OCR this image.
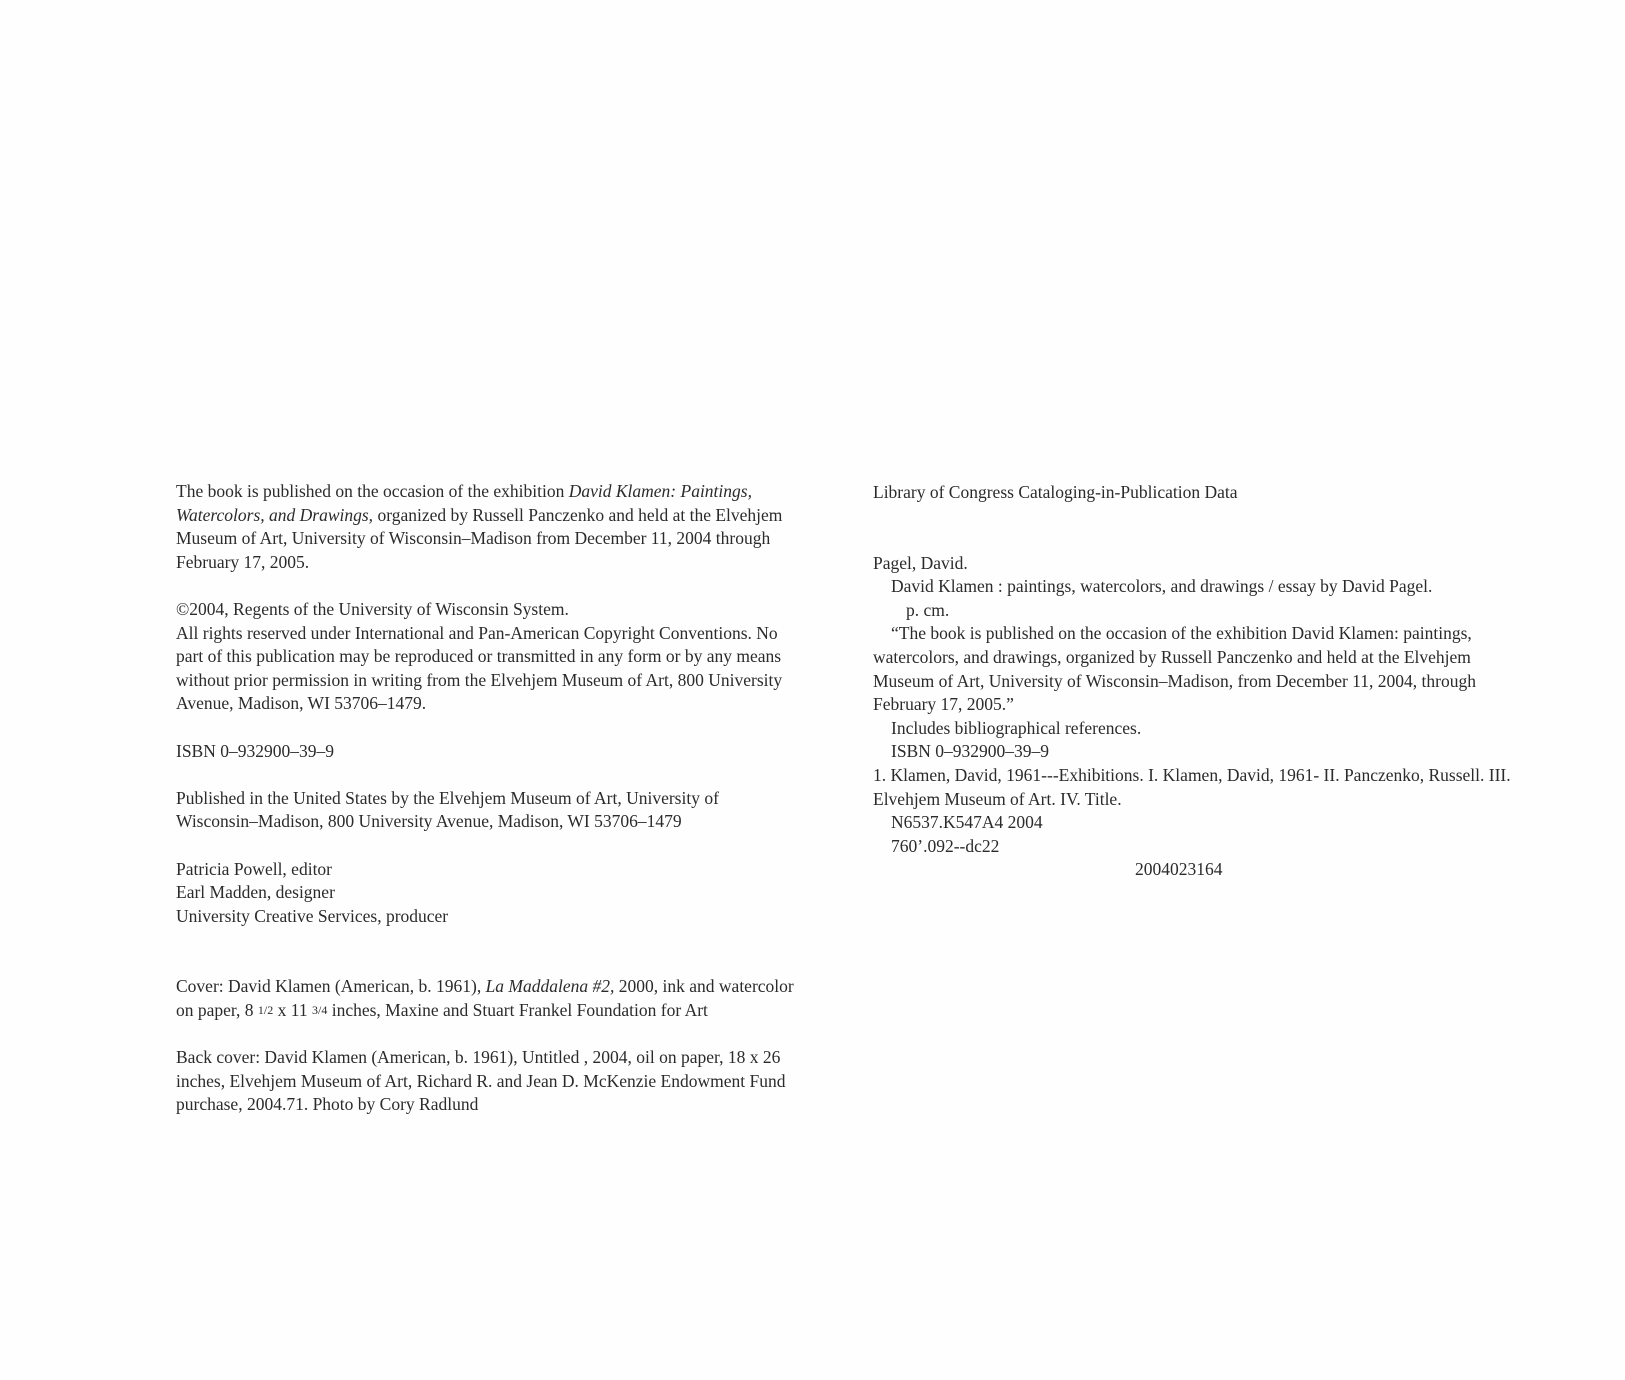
The book is published on the occasion of the exhibition David Klamen: Paintings, Watercolors, and Drawings, organized by Russell Panczenko and held at the Elvehjem Museum of Art, University of Wisconsin–Madison from December 11, 2004 through February 17, 2005.

©2004, Regents of the University of Wisconsin System.

All rights reserved under International and Pan-American Copyright Conventions. No part of this publication may be reproduced or transmitted in any form or by any means without prior permission in writing from the Elvehjem Museum of Art, 800 University Avenue, Madison, WI 53706–1479.

ISBN 0–932900–39–9

Published in the United States by the Elvehjem Museum of Art, University of Wisconsin–Madison, 800 University Avenue, Madison, WI 53706–1479

Patricia Powell, editor

Earl Madden, designer

University Creative Services, producer

Cover: David Klamen (American, b. 1961), La Maddalena #2, 2000, ink and watercolor on paper, 8 1/2 x 11 3/4 inches, Maxine and Stuart Frankel Foundation for Art

Back cover: David Klamen (American, b. 1961), Untitled , 2004, oil on paper, 18 x 26 inches, Elvehjem Museum of Art, Richard R. and Jean D. McKenzie Endowment Fund purchase, 2004.71. Photo by Cory Radlund

Library of Congress Cataloging-in-Publication Data

Pagel, David.

David Klamen : paintings, watercolors, and drawings / essay by David Pagel.

p. cm.

“The book is published on the occasion of the exhibition David Klamen: paintings, watercolors, and drawings, organized by Russell Panczenko and held at the Elvehjem Museum of Art, University of Wisconsin–Madison, from December 11, 2004, through February 17, 2005.”

Includes bibliographical references.

ISBN 0–932900–39–9

1. Klamen, David, 1961---Exhibitions. I. Klamen, David, 1961- II. Panczenko, Russell. III. Elvehjem Museum of Art. IV. Title.

N6537.K547A4 2004

760’.092--dc22

2004023164
